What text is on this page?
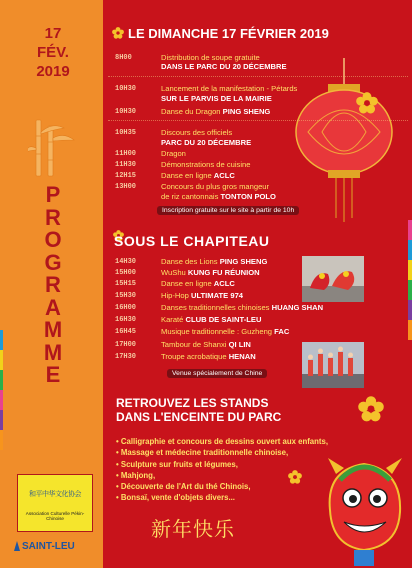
17
FÉV.
2019
P
R
O
G
R
A
M
M
E
和平中华文化协会
Association Culturelle Pékin-Chinoise
SAINT-LEU
LE DIMANCHE 17 FÉVRIER 2019
8H00	Distribution de soupe gratuite
DANS LE PARC DU 20 DÉCEMBRE
10H30	Lancement de la manifestation - Pétards
SUR LE PARVIS DE LA MAIRIE
10H30	Danse du Dragon PING SHENG
10H35	Discours des officiels
PARC DU 20 DÉCEMBRE
11H00	Dragon
11H30	Démonstrations de cuisine
12H15	Danse en ligne ACLC
13H00	Concours du plus gros mangeur
de riz cantonnais TONTON POLO
Inscription gratuite sur le site à partir de 10h
SOUS LE CHAPITEAU
14H30	Danse des Lions PING SHENG
15H00	WuShu KUNG FU RÉUNION
15H15	Danse en ligne ACLC
15H30	Hip-Hop ULTIMATE 974
16H00	Danses traditionnelles chinoises HUANG SHAN
16H30	Karaté CLUB DE SAINT-LEU
16H45	Musique traditionnelle : Guzheng FAC
17H00	Tambour de Shanxi QI LIN
17H30	Troupe acrobatique HENAN
Venue spécialement de Chine
RETROUVEZ LES STANDS
DANS L'ENCEINTE DU PARC
• Calligraphie et concours de dessins ouvert aux enfants,
• Massage et médecine traditionnelle chinoise,
• Sculpture sur fruits et légumes,
• Mahjong,
• Découverte de l'Art du thé Chinois,
• Bonsaï, vente d'objets divers...
新年快乐
